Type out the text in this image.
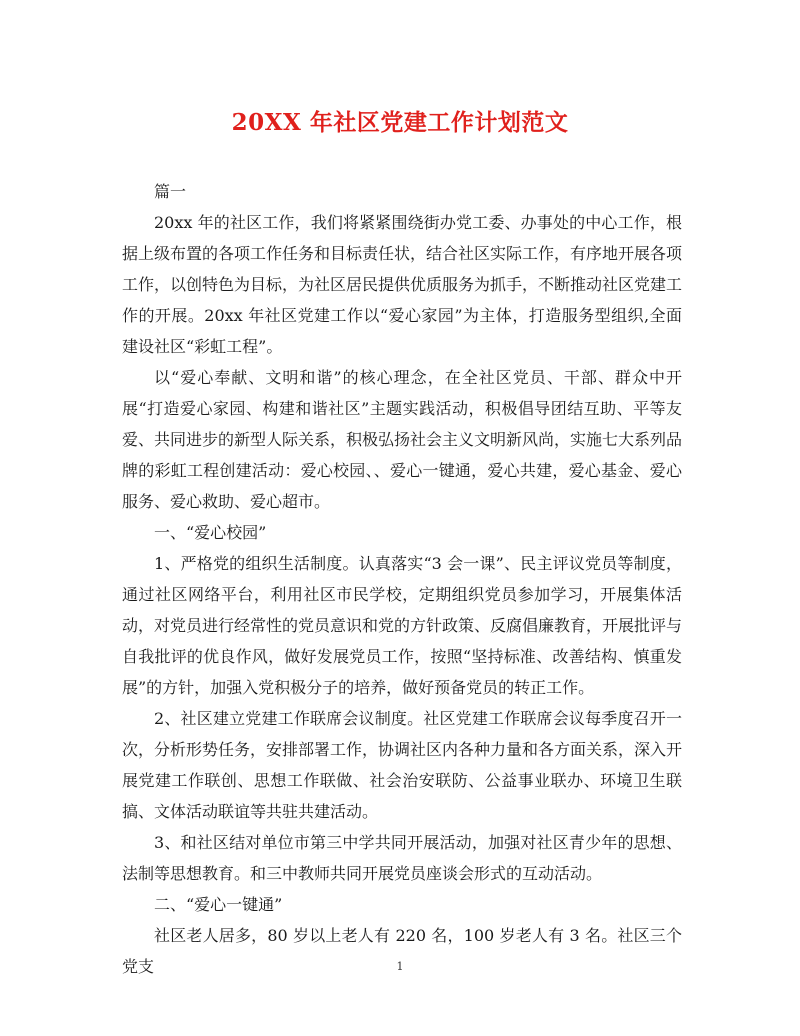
20XX 年社区党建工作计划范文

篇一

20xx 年的社区工作，我们将紧紧围绕街办党工委、办事处的中心工作，根据上级布置的各项工作任务和目标责任状，结合社区实际工作，有序地开展各项工作，以创特色为目标，为社区居民提供优质服务为抓手，不断推动社区党建工作的开展。20xx 年社区党建工作以“爱心家园”为主体，打造服务型组织,全面建设社区“彩虹工程”。

以“爱心奉献、文明和谐”的核心理念，在全社区党员、干部、群众中开展“打造爱心家园、构建和谐社区”主题实践活动，积极倡导团结互助、平等友爱、共同进步的新型人际关系，积极弘扬社会主义文明新风尚，实施七大系列品牌的彩虹工程创建活动：爱心校园、、爱心一键通，爱心共建，爱心基金、爱心服务、爱心救助、爱心超市。

一、“爱心校园”

1、严格党的组织生活制度。认真落实“3 会一课”、民主评议党员等制度，通过社区网络平台，利用社区市民学校，定期组织党员参加学习，开展集体活动，对党员进行经常性的党员意识和党的方针政策、反腐倡廉教育，开展批评与自我批评的优良作风，做好发展党员工作，按照“坚持标准、改善结构、慎重发展”的方针，加强入党积极分子的培养，做好预备党员的转正工作。

2、社区建立党建工作联席会议制度。社区党建工作联席会议每季度召开一次，分析形势任务，安排部署工作，协调社区内各种力量和各方面关系，深入开展党建工作联创、思想工作联做、社会治安联防、公益事业联办、环境卫生联搞、文体活动联谊等共驻共建活动。

3、和社区结对单位市第三中学共同开展活动，加强对社区青少年的思想、法制等思想教育。和三中教师共同开展党员座谈会形式的互动活动。

二、“爱心一键通”

社区老人居多，80 岁以上老人有 220 名，100 岁老人有 3 名。社区三个党支	1
